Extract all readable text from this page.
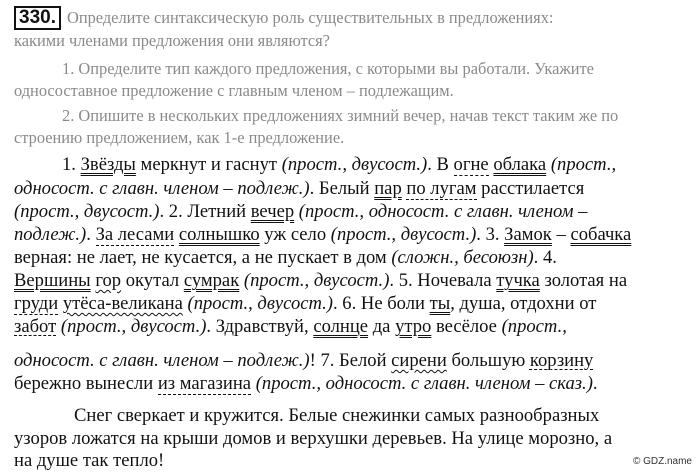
330. Определите синтаксическую роль существительных в предложениях:
какими членами предложения они являются?
1. Определите тип каждого предложения, с которыми вы работали. Укажите
односоставное предложение с главным членом – подлежащим.
2. Опишите в нескольких предложениях зимний вечер, начав текст таким же по
строению предложением, как 1-е предложение.
1. Звёзды меркнут и гаснут (прост., двусост.). В огне облака (прост.,
односост. с главн. членом – подлеж.). Белый пар по лугам расстилается
(прост., двусост.). 2. Летний вечер (прост., односост. с главн. членом –
подлеж.). За лесами солнышко уж село (прост., двусост.). 3. Замок – собачка
верная: не лает, не кусается, а не пускает в дом (сложн., бесоюзн). 4.
Вершины гор окутал сумрак (прост., двусост.). 5. Ночевала тучка золотая на
груди утёса-великана (прост., двусост.). 6. Не боли ты, душа, отдохни от
забот (прост., двусост.). Здравствуй, солнце да утро весёлое (прост.,
односост. с главн. членом – подлеж.)! 7. Белой сирени большую корзину
бережно вынесли из магазина (прост., односост. с главн. членом – сказ.).
Снег сверкает и кружится. Белые снежинки самых разнообразных
узоров ложатся на крыши домов и верхушки деревьев. На улице морозно, а
на душе так тепло!	© GDZ.name
